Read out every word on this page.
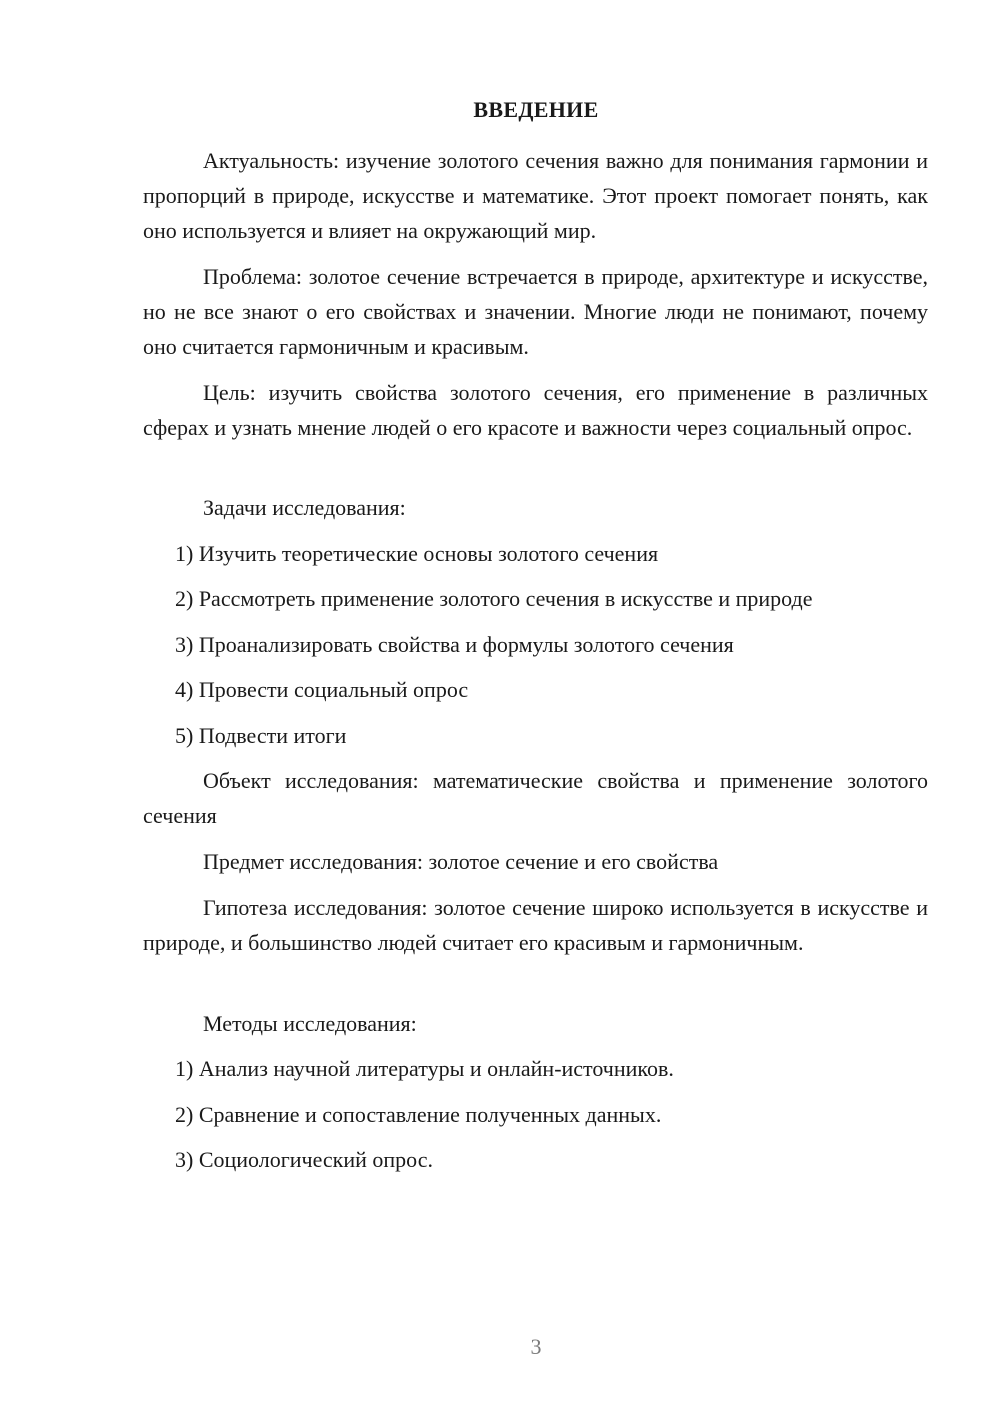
ВВЕДЕНИЕ
Актуальность: изучение золотого сечения важно для понимания гармонии и пропорций в природе, искусстве и математике. Этот проект помогает понять, как оно используется и влияет на окружающий мир.
Проблема: золотое сечение встречается в природе, архитектуре и искусстве, но не все знают о его свойствах и значении. Многие люди не понимают, почему оно считается гармоничным и красивым.
Цель: изучить свойства золотого сечения, его применение в различных сферах и узнать мнение людей о его красоте и важности через социальный опрос.
Задачи исследования:
1) Изучить теоретические основы золотого сечения
2) Рассмотреть применение золотого сечения в искусстве и природе
3) Проанализировать свойства и формулы золотого сечения
4) Провести социальный опрос
5) Подвести итоги
Объект исследования: математические свойства и применение золотого сечения
Предмет исследования: золотое сечение и его свойства
Гипотеза исследования: золотое сечение широко используется в искусстве и природе, и большинство людей считает его красивым и гармоничным.
Методы исследования:
1) Анализ научной литературы и онлайн-источников.
2) Сравнение и сопоставление полученных данных.
3) Социологический опрос.
3
